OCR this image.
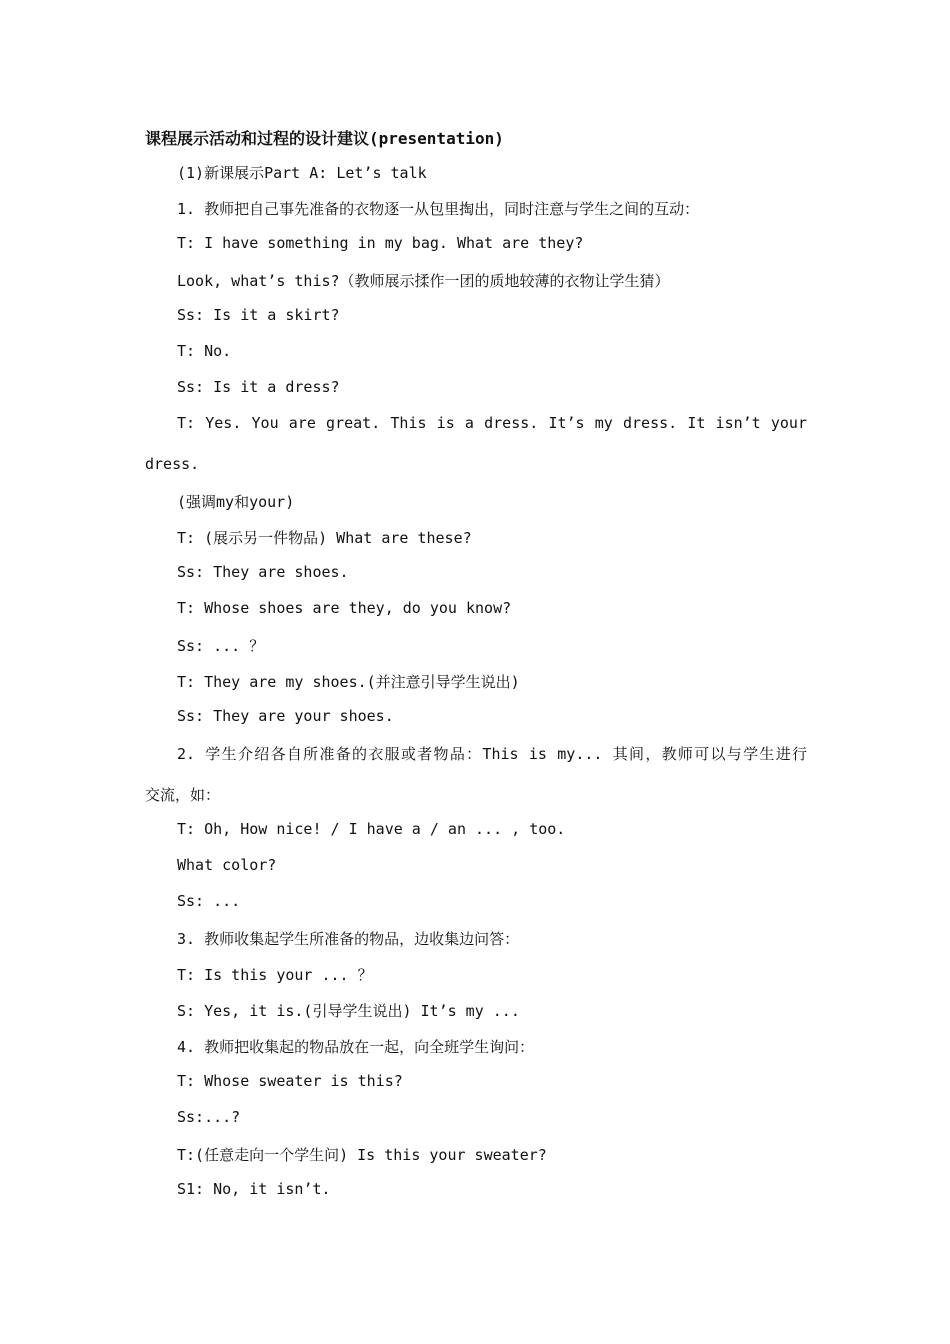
课程展示活动和过程的设计建议(presentation)
(1)新课展示Part A: Let’s talk
1. 教师把自己事先准备的衣物逐一从包里掏出，同时注意与学生之间的互动：
T: I have something in my bag. What are they?
Look, what’s this?（教师展示揉作一团的质地较薄的衣物让学生猜）
Ss: Is it a skirt?
T: No.
Ss: Is it a dress?
T: Yes. You are great. This is a dress. It’s my dress. It isn’t your
dress.
(强调my和your)
T: (展示另一件物品) What are these?
Ss: They are shoes.
T: Whose shoes are they, do you know?
Ss: ... ？
T: They are my shoes.(并注意引导学生说出)
Ss: They are your shoes.
2. 学生介绍各自所准备的衣服或者物品：This is my... 其间，教师可以与学生进行
交流，如：
T: Oh, How nice! / I have a / an ... , too.
What color?
Ss: ...
3. 教师收集起学生所准备的物品，边收集边问答：
T: Is this your ... ？
S: Yes, it is.(引导学生说出) It’s my ...
4. 教师把收集起的物品放在一起，向全班学生询问：
T: Whose sweater is this?
Ss:...?
T:(任意走向一个学生问) Is this your sweater?
S1: No, it isn’t.
